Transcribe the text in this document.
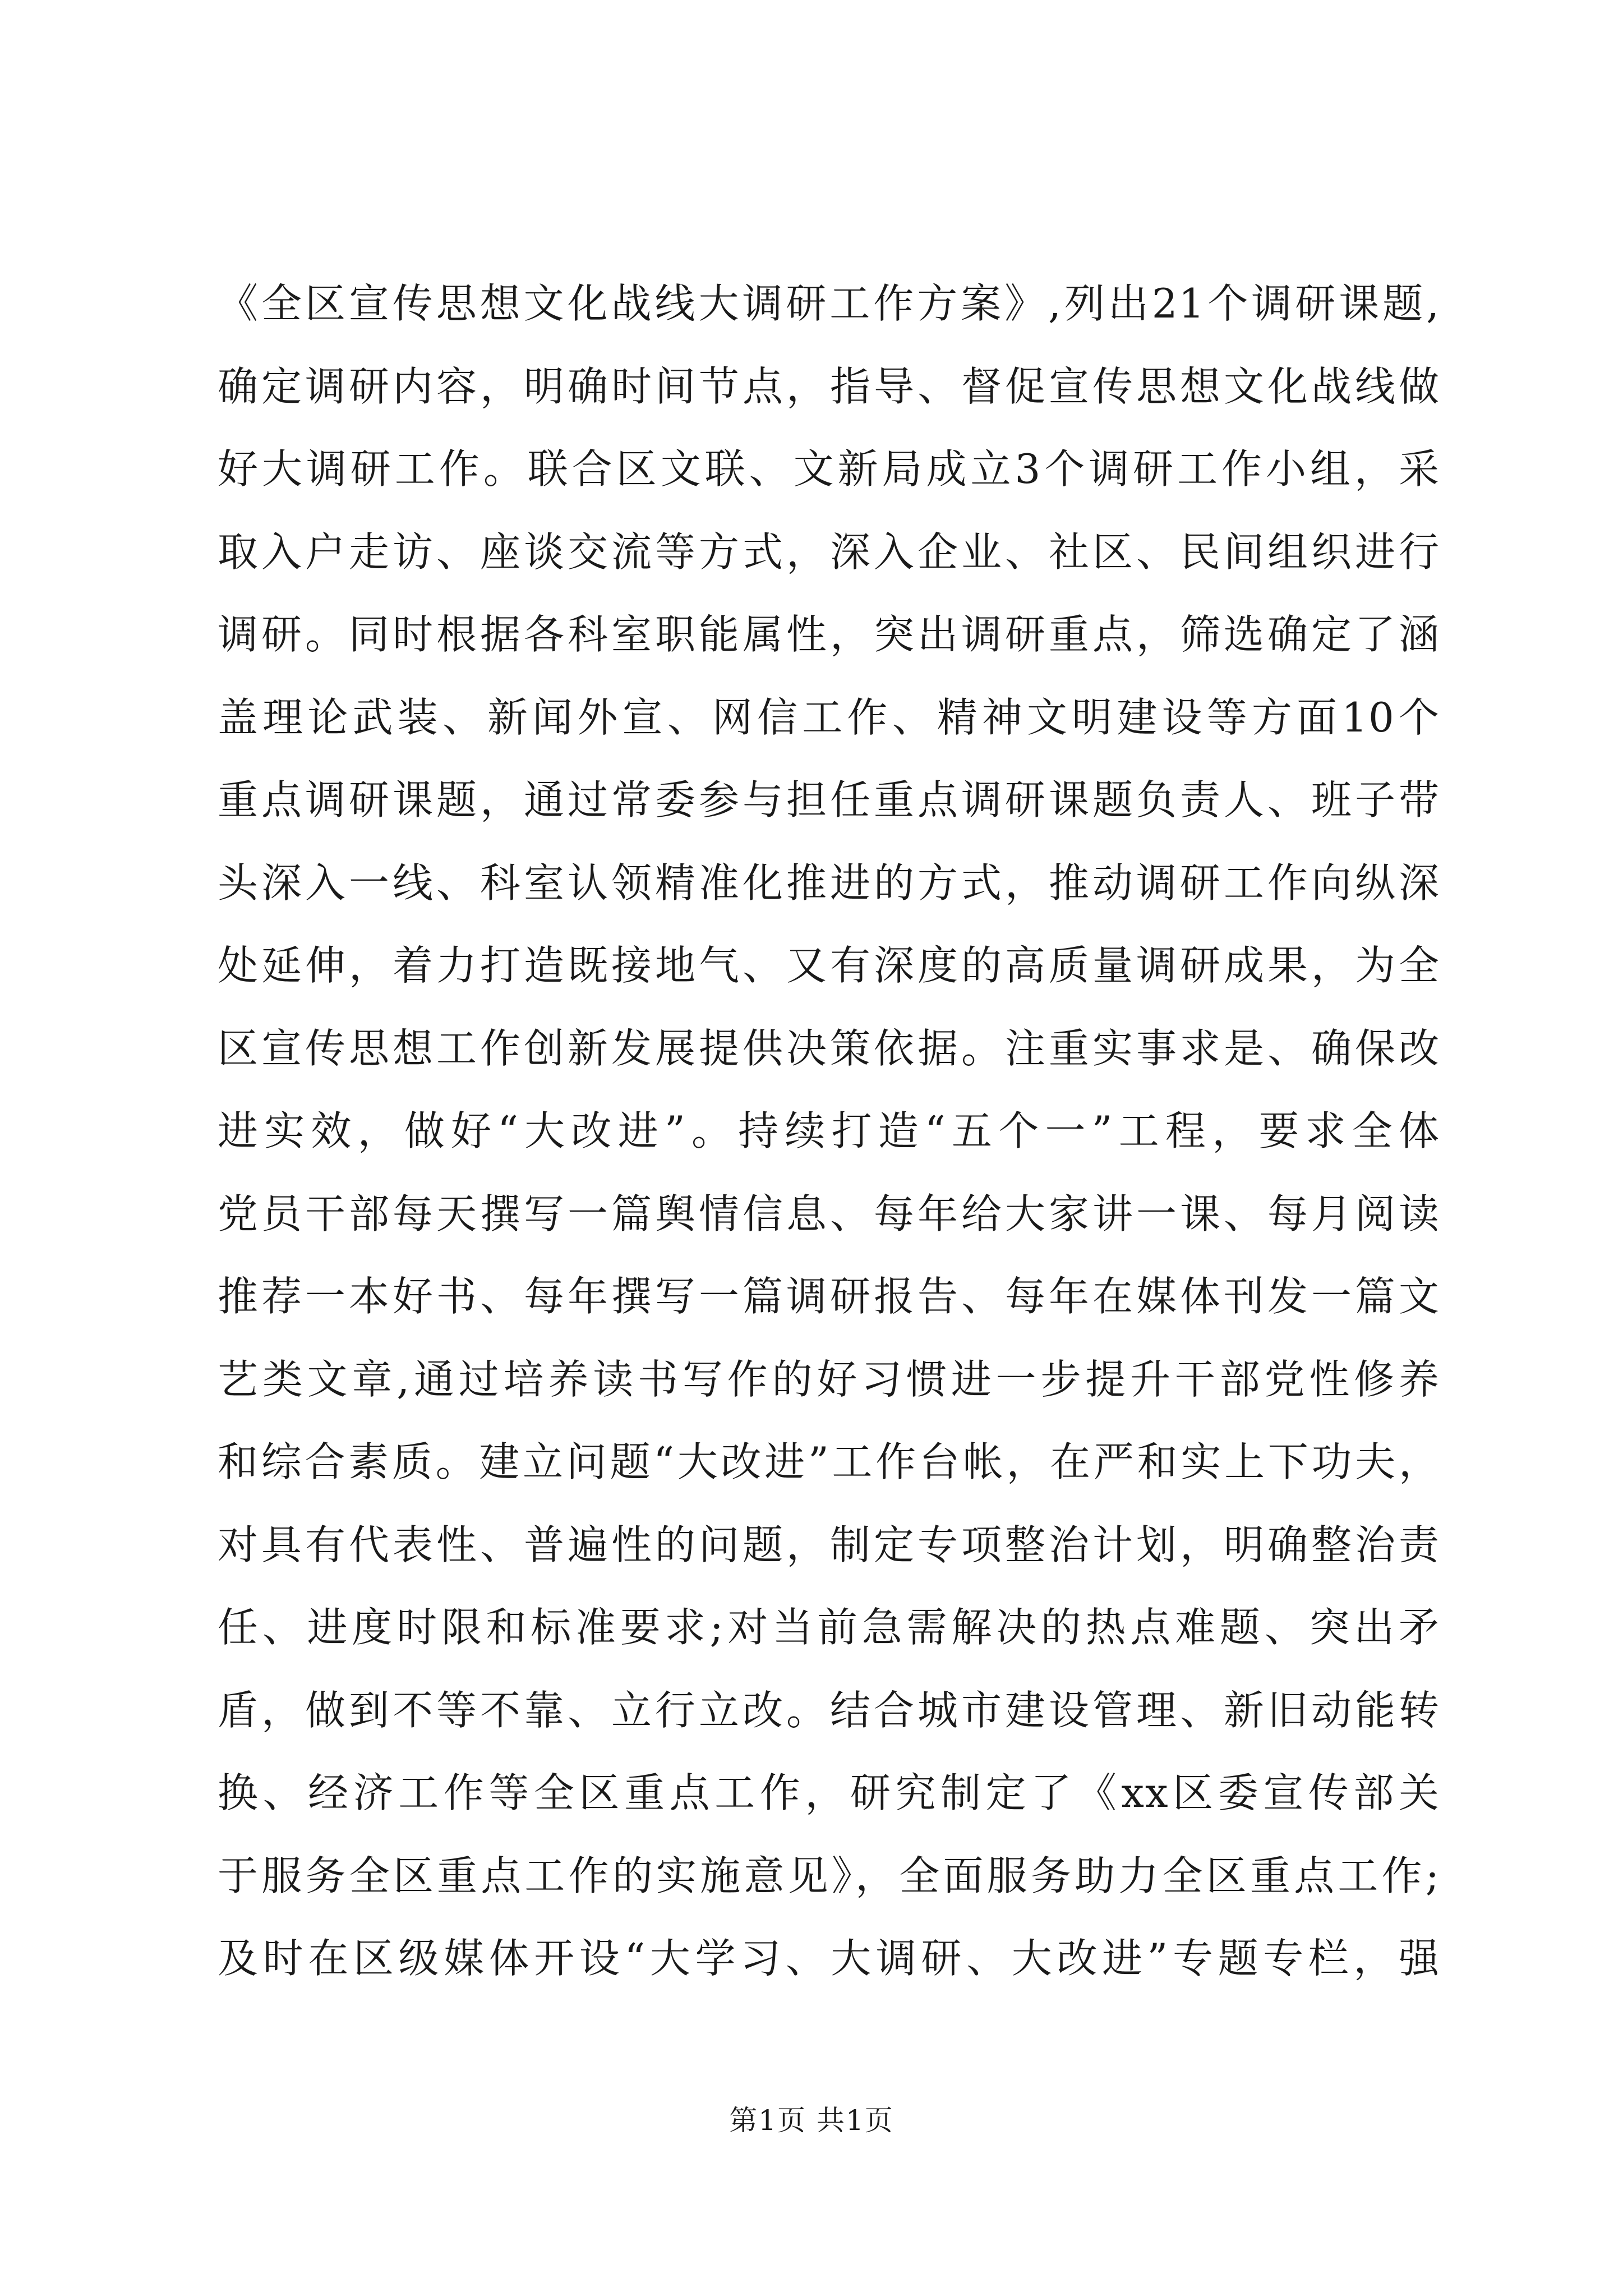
《全区宣传思想文化战线大调研工作方案》,列出21个调研课题,
确定调研内容，明确时间节点，指导、督促宣传思想文化战线做
好大调研工作。联合区文联、文新局成立3个调研工作小组，采
取入户走访、座谈交流等方式，深入企业、社区、民间组织进行
调研。同时根据各科室职能属性，突出调研重点，筛选确定了涵
盖理论武装、新闻外宣、网信工作、精神文明建设等方面10个
重点调研课题，通过常委参与担任重点调研课题负责人、班子带
头深入一线、科室认领精准化推进的方式，推动调研工作向纵深
处延伸，着力打造既接地气、又有深度的高质量调研成果，为全
区宣传思想工作创新发展提供决策依据。注重实事求是、确保改
进实效，做好“大改进”。持续打造“五个一”工程，要求全体
党员干部每天撰写一篇舆情信息、每年给大家讲一课、每月阅读
推荐一本好书、每年撰写一篇调研报告、每年在媒体刊发一篇文
艺类文章,通过培养读书写作的好习惯进一步提升干部党性修养
和综合素质。建立问题“大改进”工作台帐，在严和实上下功夫，
对具有代表性、普遍性的问题，制定专项整治计划，明确整治责
任、进度时限和标准要求;对当前急需解决的热点难题、突出矛
盾，做到不等不靠、立行立改。结合城市建设管理、新旧动能转
换、经济工作等全区重点工作，研究制定了《xx区委宣传部关
于服务全区重点工作的实施意见》，全面服务助力全区重点工作;
及时在区级媒体开设“大学习、大调研、大改进”专题专栏，强
第1页 共1页
